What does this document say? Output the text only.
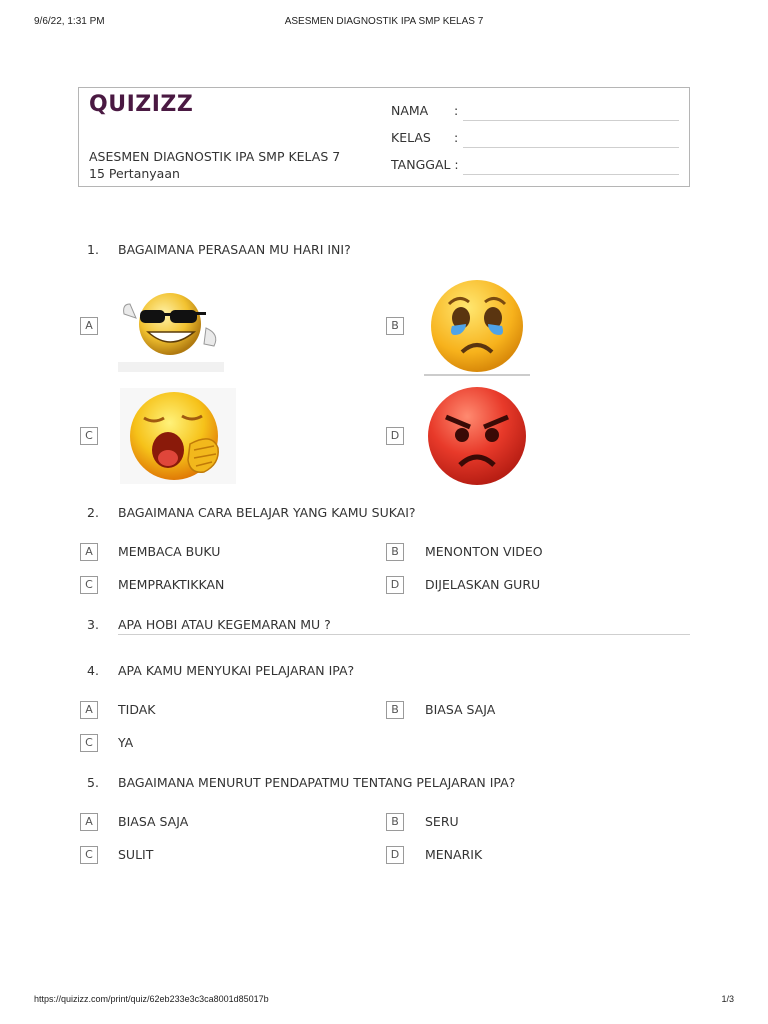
9/6/22, 1:31 PM	ASESMEN DIAGNOSTIK IPA SMP KELAS 7
QUIZIZZ
ASESMEN DIAGNOSTIK IPA SMP KELAS 7
15 Pertanyaan
NAMA :
KELAS :
TANGGAL :
1. BAGAIMANA PERASAAN MU HARI INI?
A	B
C	D
2. BAGAIMANA CARA BELAJAR YANG KAMU SUKAI?
A	MEMBACA BUKU	B	MENONTON VIDEO
C	MEMPRAKTIKKAN	D	DIJELASKAN GURU
3. APA HOBI ATAU KEGEMARAN MU ?
4. APA KAMU MENYUKAI PELAJARAN IPA?
A	TIDAK	B	BIASA SAJA
C	YA
5. BAGAIMANA MENURUT PENDAPATMU TENTANG PELAJARAN IPA?
A	BIASA SAJA	B	SERU
C	SULIT	D	MENARIK
https://quizizz.com/print/quiz/62eb233e3c3ca8001d85017b	1/3
